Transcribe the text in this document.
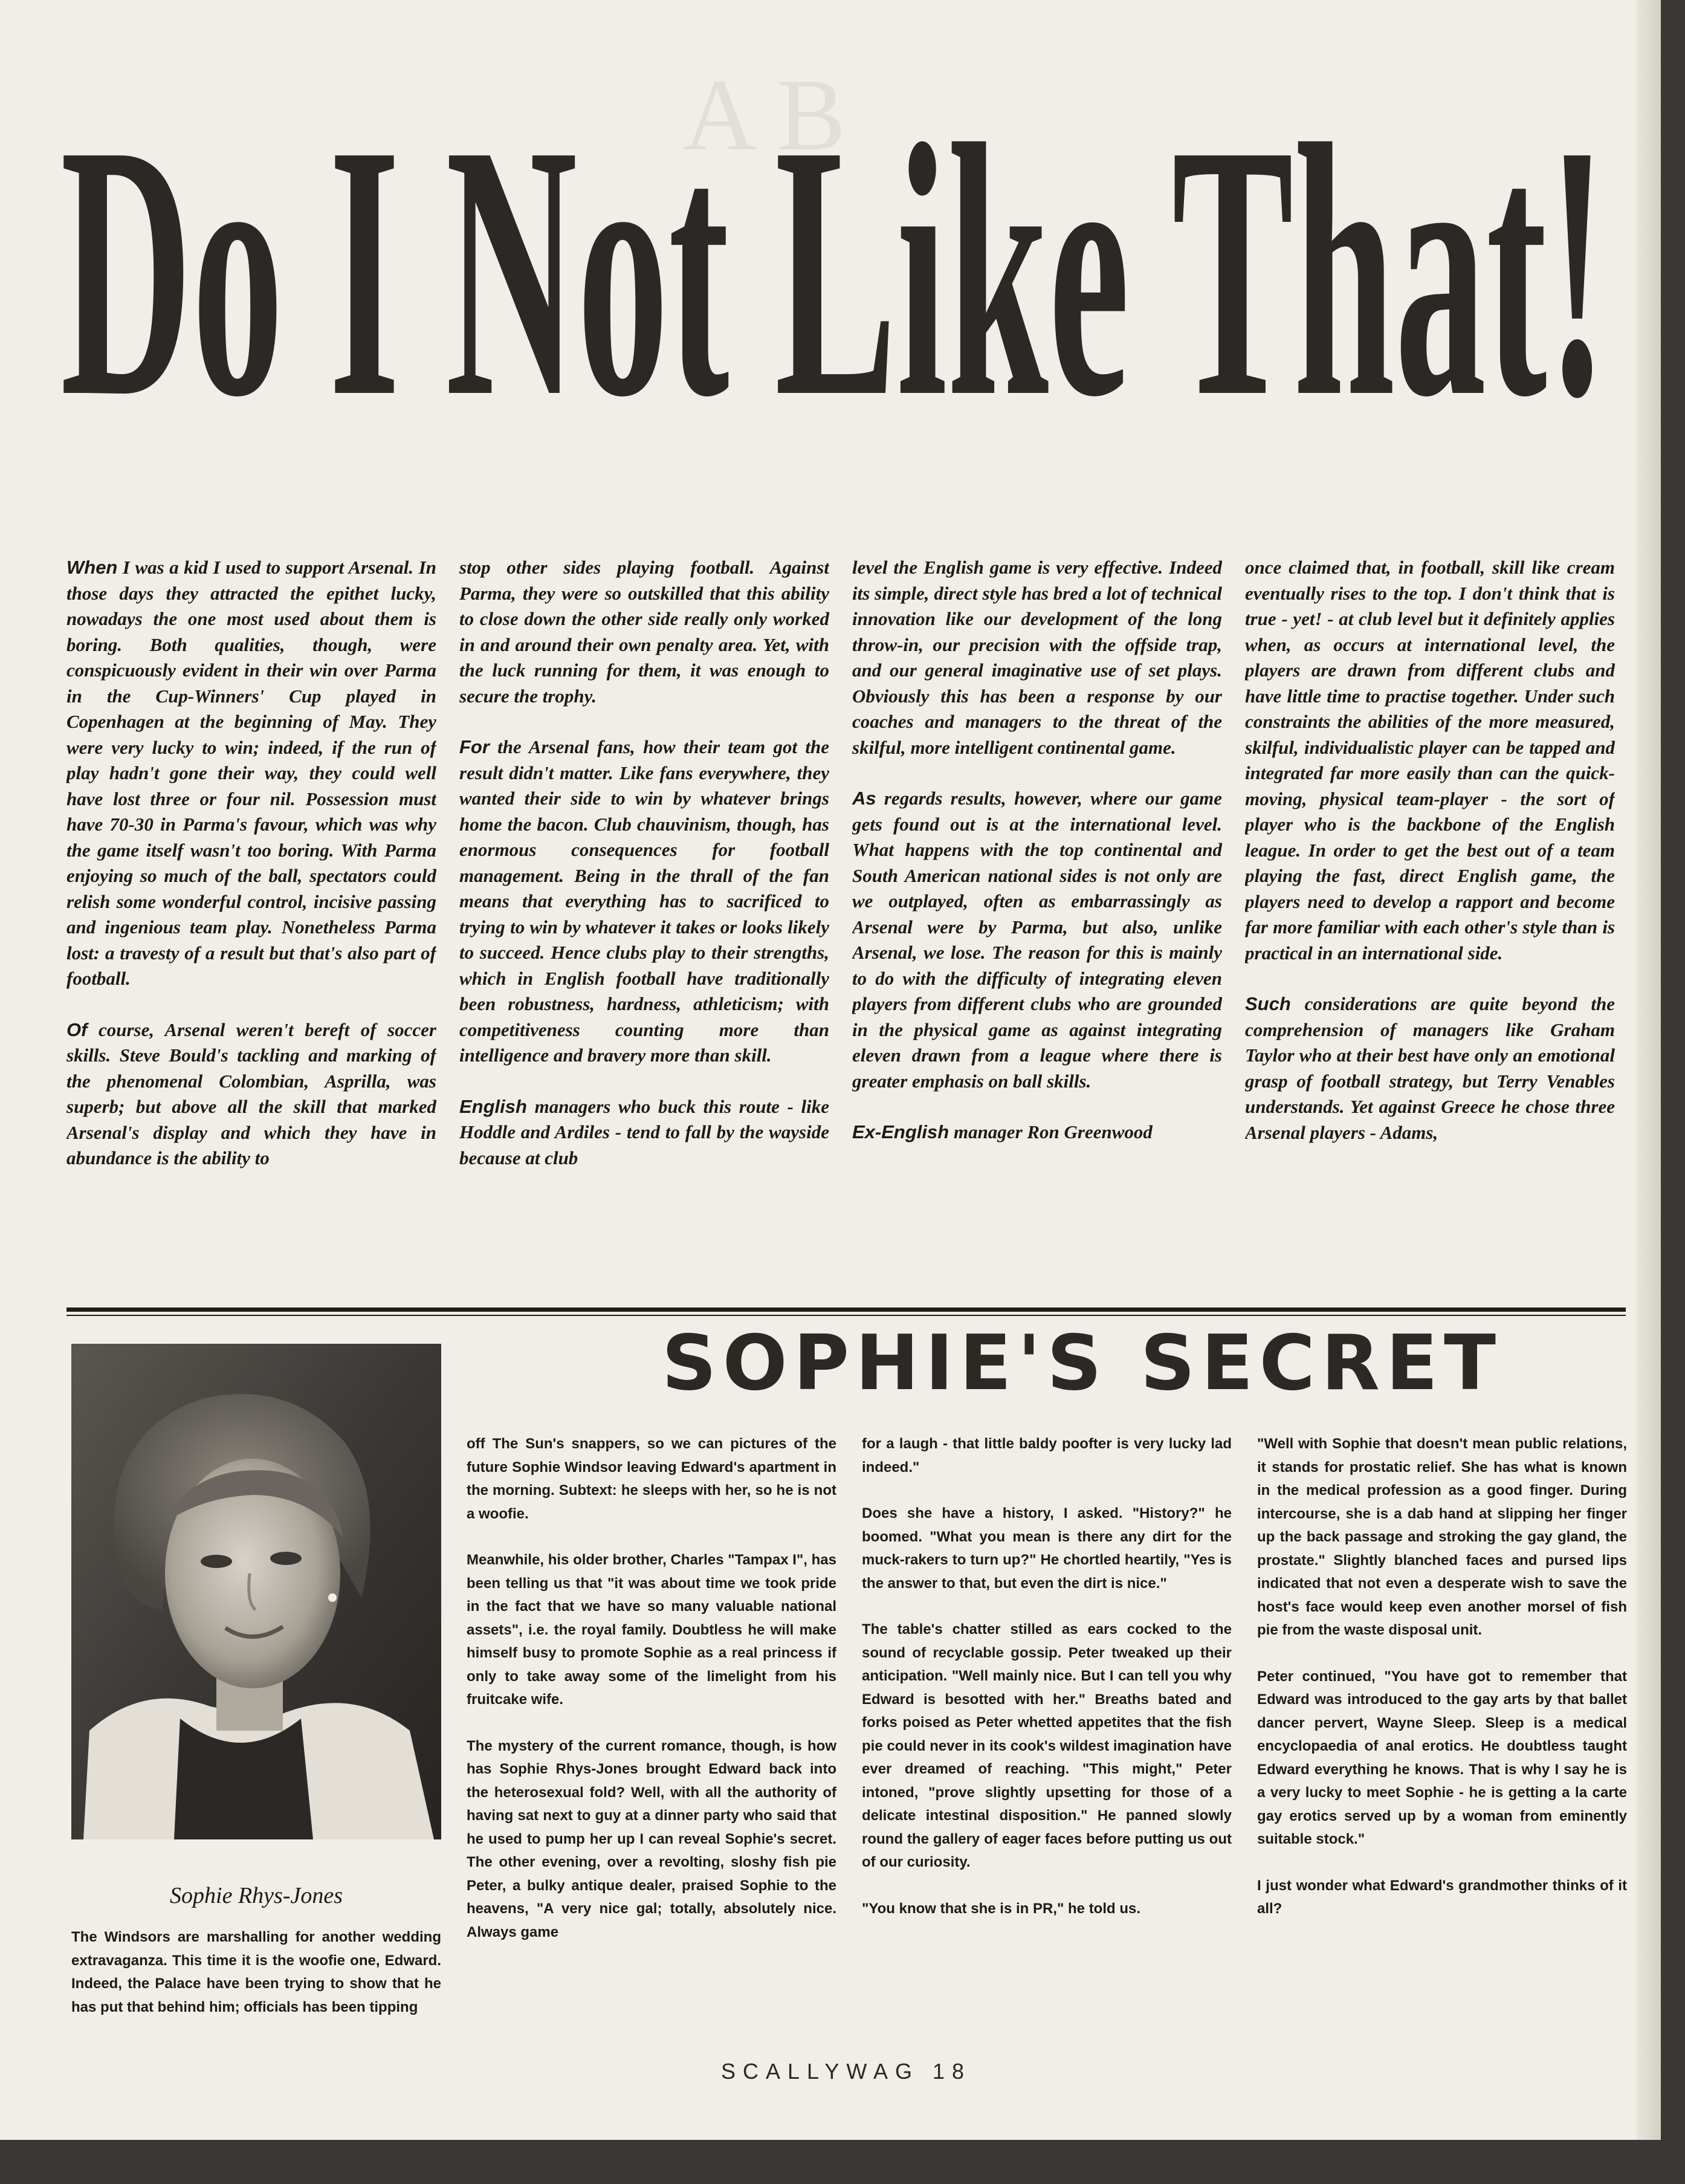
A B
Do I Not Like That!

When I was a kid I used to support Arsenal. In those days they attracted the epithet lucky, nowadays the one most used about them is boring. Both qualities, though, were conspicuously evident in their win over Parma in the Cup-Winners' Cup played in Copenhagen at the beginning of May. They were very lucky to win; indeed, if the run of play hadn't gone their way, they could well have lost three or four nil. Possession must have 70-30 in Parma's favour, which was why the game itself wasn't too boring. With Parma enjoying so much of the ball, spectators could relish some wonderful control, incisive passing and ingenious team play. Nonetheless Parma lost: a travesty of a result but that's also part of football.

Of course, Arsenal weren't bereft of soccer skills. Steve Bould's tackling and marking of the phenomenal Colombian, Asprilla, was superb; but above all the skill that marked Arsenal's display and which they have in abundance is the ability to

stop other sides playing football. Against Parma, they were so outskilled that this ability to close down the other side really only worked in and around their own penalty area. Yet, with the luck running for them, it was enough to secure the trophy.

For the Arsenal fans, how their team got the result didn't matter. Like fans everywhere, they wanted their side to win by whatever brings home the bacon. Club chauvinism, though, has enormous consequences for football management. Being in the thrall of the fan means that everything has to sacrificed to trying to win by whatever it takes or looks likely to succeed. Hence clubs play to their strengths, which in English football have traditionally been robustness, hardness, athleticism; with competitiveness counting more than intelligence and bravery more than skill.

English managers who buck this route - like Hoddle and Ardiles - tend to fall by the wayside because at club

level the English game is very effective. Indeed its simple, direct style has bred a lot of technical innovation like our development of the long throw-in, our precision with the offside trap, and our general imaginative use of set plays. Obviously this has been a response by our coaches and managers to the threat of the skilful, more intelligent continental game.

As regards results, however, where our game gets found out is at the international level. What happens with the top continental and South American national sides is not only are we outplayed, often as embarrassingly as Arsenal were by Parma, but also, unlike Arsenal, we lose. The reason for this is mainly to do with the difficulty of integrating eleven players from different clubs who are grounded in the physical game as against integrating eleven drawn from a league where there is greater emphasis on ball skills.

Ex-English manager Ron Greenwood

once claimed that, in football, skill like cream eventually rises to the top. I don't think that is true - yet! - at club level but it definitely applies when, as occurs at international level, the players are drawn from different clubs and have little time to practise together. Under such constraints the abilities of the more measured, skilful, individualistic player can be tapped and integrated far more easily than can the quick-moving, physical team-player - the sort of player who is the backbone of the English league. In order to get the best out of a team playing the fast, direct English game, the players need to develop a rapport and become far more familiar with each other's style than is practical in an international side.

Such considerations are quite beyond the comprehension of managers like Graham Taylor who at their best have only an emotional grasp of football strategy, but Terry Venables understands. Yet against Greece he chose three Arsenal players - Adams,

SOPHIE'S SECRET
Sophie Rhys-Jones

The Windsors are marshalling for another wedding extravaganza. This time it is the woofie one, Edward. Indeed, the Palace have been trying to show that he has put that behind him; officials has been tipping

off The Sun's snappers, so we can pictures of the future Sophie Windsor leaving Edward's apartment in the morning. Subtext: he sleeps with her, so he is not a woofie.

Meanwhile, his older brother, Charles "Tampax I", has been telling us that "it was about time we took pride in the fact that we have so many valuable national assets", i.e. the royal family. Doubtless he will make himself busy to promote Sophie as a real princess if only to take away some of the limelight from his fruitcake wife.

The mystery of the current romance, though, is how has Sophie Rhys-Jones brought Edward back into the heterosexual fold? Well, with all the authority of having sat next to guy at a dinner party who said that he used to pump her up I can reveal Sophie's secret. The other evening, over a revolting, sloshy fish pie Peter, a bulky antique dealer, praised Sophie to the heavens, "A very nice gal; totally, absolutely nice. Always game

for a laugh - that little baldy poofter is very lucky lad indeed."

Does she have a history, I asked. "History?" he boomed. "What you mean is there any dirt for the muck-rakers to turn up?" He chortled heartily, "Yes is the answer to that, but even the dirt is nice."

The table's chatter stilled as ears cocked to the sound of recyclable gossip. Peter tweaked up their anticipation. "Well mainly nice. But I can tell you why Edward is besotted with her." Breaths bated and forks poised as Peter whetted appetites that the fish pie could never in its cook's wildest imagination have ever dreamed of reaching. "This might," Peter intoned, "prove slightly upsetting for those of a delicate intestinal disposition." He panned slowly round the gallery of eager faces before putting us out of our curiosity.

"You know that she is in PR," he told us.

"Well with Sophie that doesn't mean public relations, it stands for prostatic relief. She has what is known in the medical profession as a good finger. During intercourse, she is a dab hand at slipping her finger up the back passage and stroking the gay gland, the prostate." Slightly blanched faces and pursed lips indicated that not even a desperate wish to save the host's face would keep even another morsel of fish pie from the waste disposal unit.

Peter continued, "You have got to remember that Edward was introduced to the gay arts by that ballet dancer pervert, Wayne Sleep. Sleep is a medical encyclopaedia of anal erotics. He doubtless taught Edward everything he knows. That is why I say he is a very lucky to meet Sophie - he is getting a la carte gay erotics served up by a woman from eminently suitable stock."

I just wonder what Edward's grandmother thinks of it all?

SCALLYWAG 18
